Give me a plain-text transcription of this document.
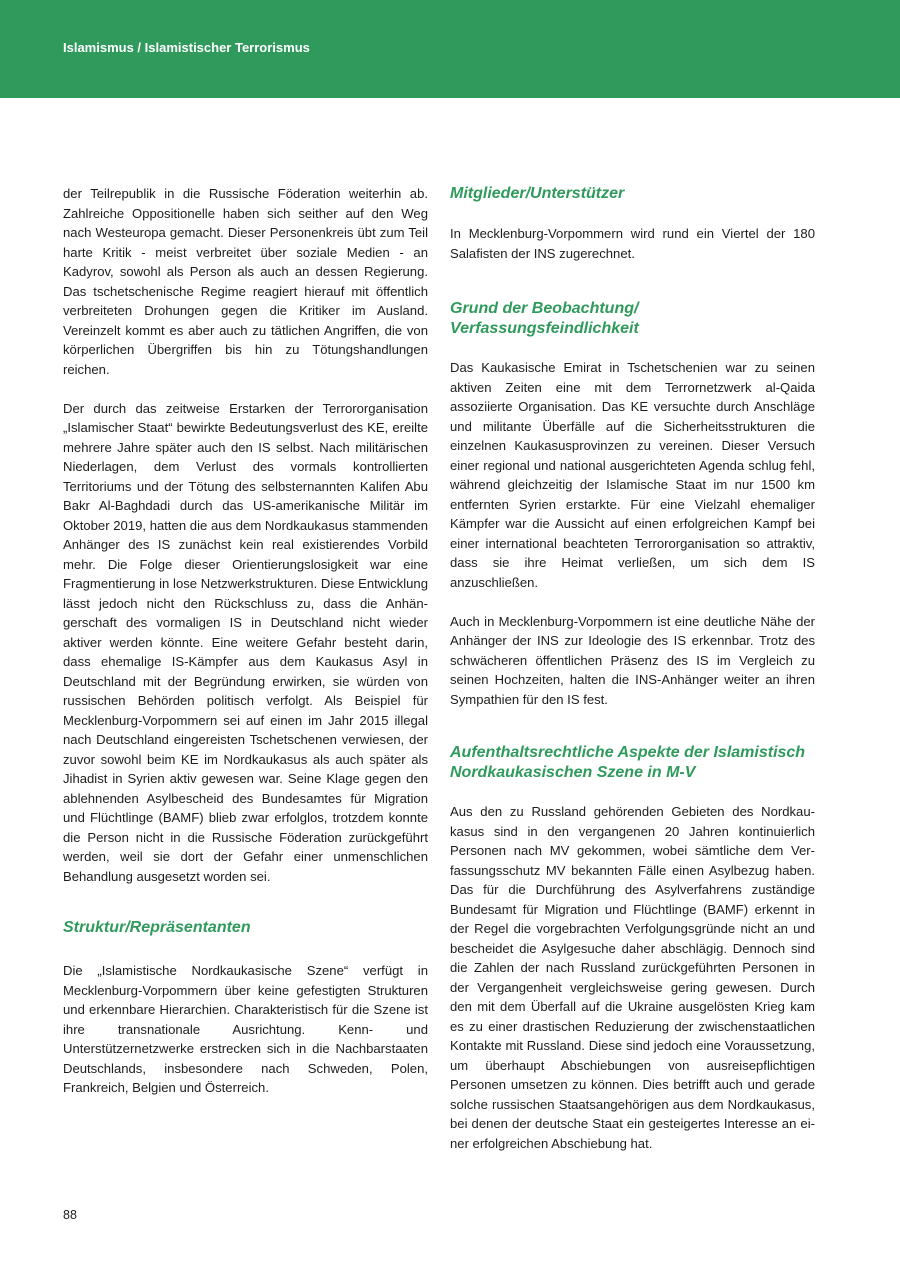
Islamismus / Islamistischer Terrorismus

der Teilrepublik in die Russische Föderation weiterhin ab. Zahlreiche Oppositionelle haben sich seither auf den Weg nach Westeuropa gemacht. Dieser Personenkreis übt zum Teil harte Kritik - meist verbreitet über soziale Medien - an Kadyrov, sowohl als Person als auch an dessen Regierung. Das tschetschenische Regime reagiert hierauf mit öffentlich verbreiteten Drohungen gegen die Kritiker im Ausland. Vereinzelt kommt es aber auch zu tätlichen Angriffen, die von körperlichen Übergriffen bis hin zu Tötungshandlungen reichen.

Der durch das zeitweise Erstarken der Terrororganisation „Islamischer Staat“ bewirkte Bedeutungsverlust des KE, ereilte mehrere Jahre später auch den IS selbst. Nach militärischen Niederlagen, dem Verlust des vormals kontrollierten Territoriums und der Tötung des selbsternannten Kalifen Abu Bakr Al-Baghdadi durch das US-amerikanische Militär im Oktober 2019, hatten die aus dem Nordkaukasus stammenden Anhänger des IS zunächst kein real existierendes Vorbild mehr. Die Folge dieser Orientierungslosigkeit war eine Fragmentierung in lose Netzwerkstrukturen. Diese Entwicklung lässt jedoch nicht den Rückschluss zu, dass die Anhängerschaft des vormaligen IS in Deutschland nicht wieder aktiver werden könnte. Eine weitere Gefahr besteht darin, dass ehemalige IS-Kämpfer aus dem Kaukasus Asyl in Deutschland mit der Begründung erwirken, sie würden von russischen Behörden politisch verfolgt. Als Beispiel für Mecklenburg-Vorpommern sei auf einen im Jahr 2015 illegal nach Deutschland eingereisten Tschetschenen verwiesen, der zuvor sowohl beim KE im Nordkaukasus als auch später als Jihadist in Syrien aktiv gewesen war. Seine Klage gegen den ablehnenden Asylbescheid des Bundesamtes für Migration und Flüchtlinge (BAMF) blieb zwar erfolglos, trotzdem konnte die Person nicht in die Russische Föderation zurückgeführt werden, weil sie dort der Gefahr einer unmenschlichen Behandlung ausgesetzt worden sei.

Struktur/Repräsentanten

Die „Islamistische Nordkaukasische Szene“ verfügt in Mecklenburg-Vorpommern über keine gefestigten Strukturen und erkennbare Hierarchien. Charakteristisch für die Szene ist ihre transnationale Ausrichtung. Kenn- und Unterstützernetzwerke erstrecken sich in die Nachbarstaaten Deutschlands, insbesondere nach Schweden, Polen, Frankreich, Belgien und Österreich.

Mitglieder/Unterstützer

In Mecklenburg-Vorpommern wird rund ein Viertel der 180 Salafisten der INS zugerechnet.

Grund der Beobachtung/ Verfassungsfeindlichkeit

Das Kaukasische Emirat in Tschetschenien war zu seinen aktiven Zeiten eine mit dem Terrornetzwerk al-Qaida assoziierte Organisation. Das KE versuchte durch Anschläge und militante Überfälle auf die Sicherheitsstrukturen die einzelnen Kaukasusprovinzen zu vereinen. Dieser Versuch einer regional und national ausgerichteten Agenda schlug fehl, während gleichzeitig der Islamische Staat im nur 1500 km entfernten Syrien erstarkte. Für eine Vielzahl ehemaliger Kämpfer war die Aussicht auf einen erfolgreichen Kampf bei einer international beachteten Terrororganisation so attraktiv, dass sie ihre Heimat verließen, um sich dem IS anzuschließen.

Auch in Mecklenburg-Vorpommern ist eine deutliche Nähe der Anhänger der INS zur Ideologie des IS erkennbar. Trotz des schwächeren öffentlichen Präsenz des IS im Vergleich zu seinen Hochzeiten, halten die INS-Anhänger weiter an ihren Sympathien für den IS fest.

Aufenthaltsrechtliche Aspekte der Islamistisch Nordkaukasischen Szene in M-V

Aus den zu Russland gehörenden Gebieten des Nordkaukasus sind in den vergangenen 20 Jahren kontinuierlich Personen nach MV gekommen, wobei sämtliche dem Verfassungsschutz MV bekannten Fälle einen Asylbezug haben. Das für die Durchführung des Asylverfahrens zuständige Bundesamt für Migration und Flüchtlinge (BAMF) erkennt in der Regel die vorgebrachten Verfolgungsgründe nicht an und bescheidet die Asylgesuche daher abschlägig. Dennoch sind die Zahlen der nach Russland zurückgeführten Personen in der Vergangenheit vergleichsweise gering gewesen. Durch den mit dem Überfall auf die Ukraine ausgelösten Krieg kam es zu einer drastischen Reduzierung der zwischenstaatlichen Kontakte mit Russland. Diese sind jedoch eine Voraussetzung, um überhaupt Abschiebungen von ausreisepflichtigen Personen umsetzen zu können. Dies betrifft auch und gerade solche russischen Staatsangehörigen aus dem Nordkaukasus, bei denen der deutsche Staat ein gesteigertes Interesse an einer erfolgreichen Abschiebung hat.

88
